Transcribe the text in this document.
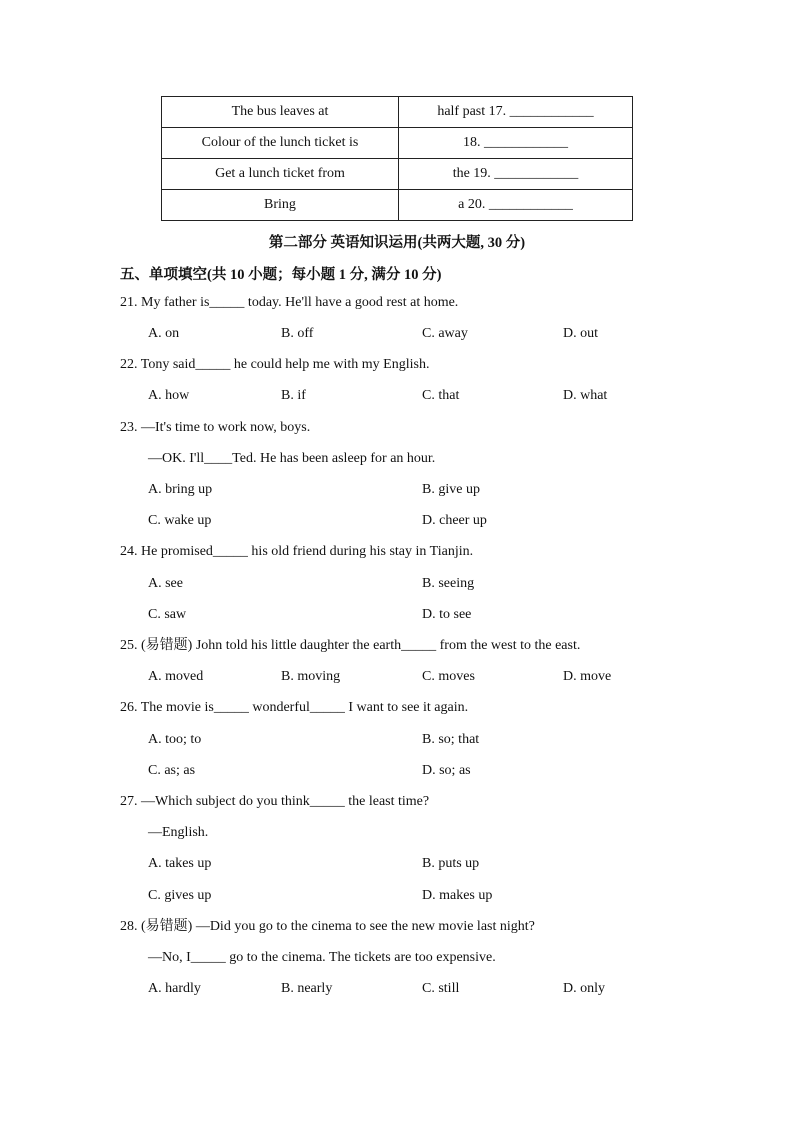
The bus leaves at	half past 17. ____________
Colour of the lunch ticket is	18. ____________
Get a lunch ticket from	the 19. ____________
Bring	a 20. ____________
第二部分 英语知识运用(共两大题, 30 分)
五、单项填空(共 10 小题；每小题 1 分, 满分 10 分)
21. My father is_____ today. He'll have a good rest at home.
A. on	B. off	C. away	D. out
22. Tony said_____ he could help me with my English.
A. how	B. if	C. that	D. what
23. —It's time to work now, boys.
—OK. I'll____Ted. He has been asleep for an hour.
A. bring up	B. give up
C. wake up	D. cheer up
24. He promised_____ his old friend during his stay in Tianjin.
A. see	B. seeing
C. saw	D. to see
25. (易错题) John told his little daughter the earth_____ from the west to the east.
A. moved	B. moving	C. moves	D. move
26. The movie is_____ wonderful_____ I want to see it again.
A. too; to	B. so; that
C. as; as	D. so; as
27. —Which subject do you think_____ the least time?
—English.
A. takes up	B. puts up
C. gives up	D. makes up
28. (易错题) —Did you go to the cinema to see the new movie last night?
—No, I_____ go to the cinema. The tickets are too expensive.
A. hardly	B. nearly	C. still	D. only
